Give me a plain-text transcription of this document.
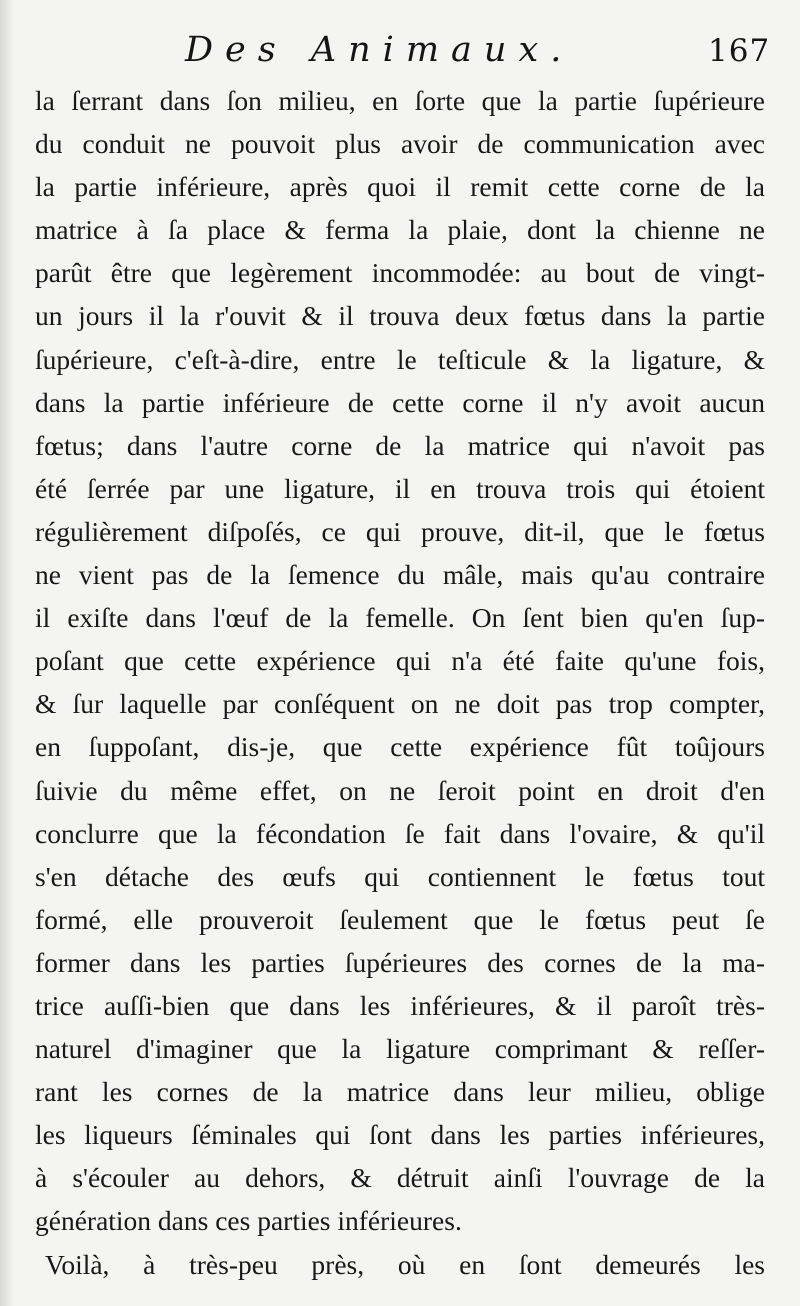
Des Animaux.	167
la ſerrant dans ſon milieu, en ſorte que la partie ſupérieure
du conduit ne pouvoit plus avoir de communication avec
la partie inférieure, après quoi il remit cette corne de la
matrice à ſa place & ferma la plaie, dont la chienne ne
parût être que legèrement incommodée: au bout de vingt-
un jours il la r'ouvit & il trouva deux fœtus dans la partie
ſupérieure, c'eſt-à-dire, entre le teſticule & la ligature, &
dans la partie inférieure de cette corne il n'y avoit aucun
fœtus; dans l'autre corne de la matrice qui n'avoit pas
été ſerrée par une ligature, il en trouva trois qui étoient
régulièrement diſpoſés, ce qui prouve, dit-il, que le fœtus
ne vient pas de la ſemence du mâle, mais qu'au contraire
il exiſte dans l'œuf de la femelle. On ſent bien qu'en ſup-
poſant que cette expérience qui n'a été faite qu'une fois,
& ſur laquelle par conſéquent on ne doit pas trop compter,
en ſuppoſant, dis-je, que cette expérience fût toûjours
ſuivie du même effet, on ne ſeroit point en droit d'en
conclurre que la fécondation ſe fait dans l'ovaire, & qu'il
s'en détache des œufs qui contiennent le fœtus tout
formé, elle prouveroit ſeulement que le fœtus peut ſe
former dans les parties ſupérieures des cornes de la ma-
trice auſſi-bien que dans les inférieures, & il paroît très-
naturel d'imaginer que la ligature comprimant & reſſer-
rant les cornes de la matrice dans leur milieu, oblige
les liqueurs ſéminales qui ſont dans les parties inférieures,
à s'écouler au dehors, & détruit ainſi l'ouvrage de la
génération dans ces parties inférieures.
Voilà, à très-peu près, où en ſont demeurés les
